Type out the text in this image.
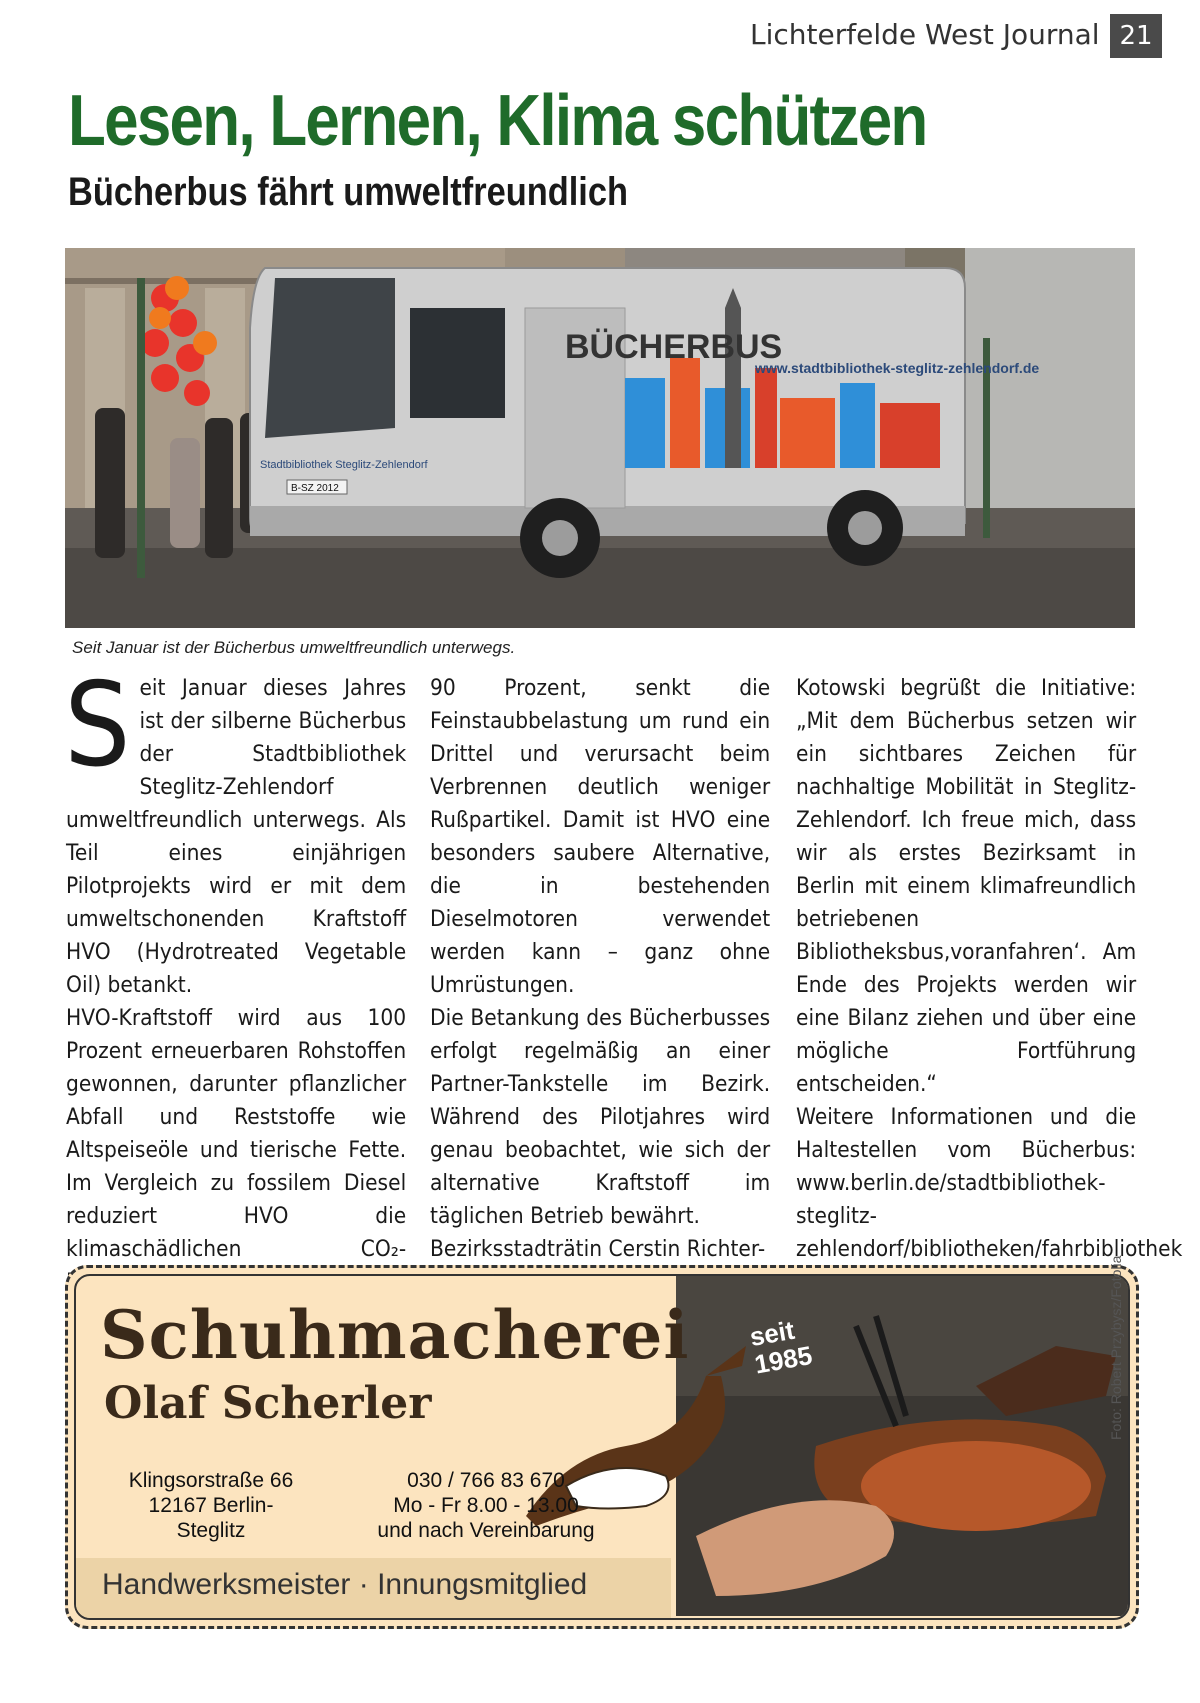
Lichterfelde West Journal 21
Lesen, Lernen, Klima schützen
Bücherbus fährt umweltfreundlich
BÜCHERBUS
www.stadtbibliothek-steglitz-zehlendorf.de
Stadtbibliothek Steglitz-Zehlendorf
B-SZ 2012
Seit Januar ist der Bücherbus umweltfreundlich unterwegs.

S eit Januar dieses Jahres ist der silberne Bücherbus der Stadtbibliothek Steglitz-Zehlendorf umweltfreundlich unterwegs. Als Teil eines einjährigen Pilotprojekts wird er mit dem umweltschonenden Kraftstoff HVO (Hydrotreated Vegetable Oil) betankt.

HVO-Kraftstoff wird aus 100 Prozent erneuerbaren Rohstoffen gewonnen, darunter pflanzlicher Abfall und Reststoffe wie Altspeiseöle und tierische Fette. Im Vergleich zu fossilem Diesel reduziert HVO die klimaschädlichen CO₂-

90 Prozent, senkt die Feinstaubbelastung um rund ein Drittel und verursacht beim Verbrennen deutlich weniger Rußpartikel. Damit ist HVO eine besonders saubere Alternative, die in bestehenden Dieselmotoren verwendet werden kann – ganz ohne Umrüstungen.

Die Betankung des Bücherbusses erfolgt regelmäßig an einer Partner-Tankstelle im Bezirk. Während des Pilotjahres wird genau beobachtet, wie sich der alternative Kraftstoff im täglichen Betrieb bewährt.

Bezirksstadträtin Cerstin Richter-

Kotowski begrüßt die Initiative: „Mit dem Bücherbus setzen wir ein sichtbares Zeichen für nachhaltige Mobilität in Steglitz-Zehlendorf. Ich freue mich, dass wir als erstes Bezirksamt in Berlin mit einem klimafreundlich betriebenen Bibliotheksbus‚voranfahren‘. Am Ende des Projekts werden wir eine Bilanz ziehen und über eine mögliche Fortführung entscheiden.“

Weitere Informationen und die Haltestellen vom Bücherbus: www.berlin.de/stadtbibliothek-steglitz-zehlendorf/bibliotheken/fahrbibliothek

Schuhmacherei
Olaf Scherler
seit
1985
Klingsorstraße 66
12167 Berlin-
Steglitz
030 / 766 83 670
Mo - Fr 8.00 - 13.00
und nach Vereinbarung
Handwerksmeister · Innungsmitglied
Foto: Robert Przybysz/Fotolia
